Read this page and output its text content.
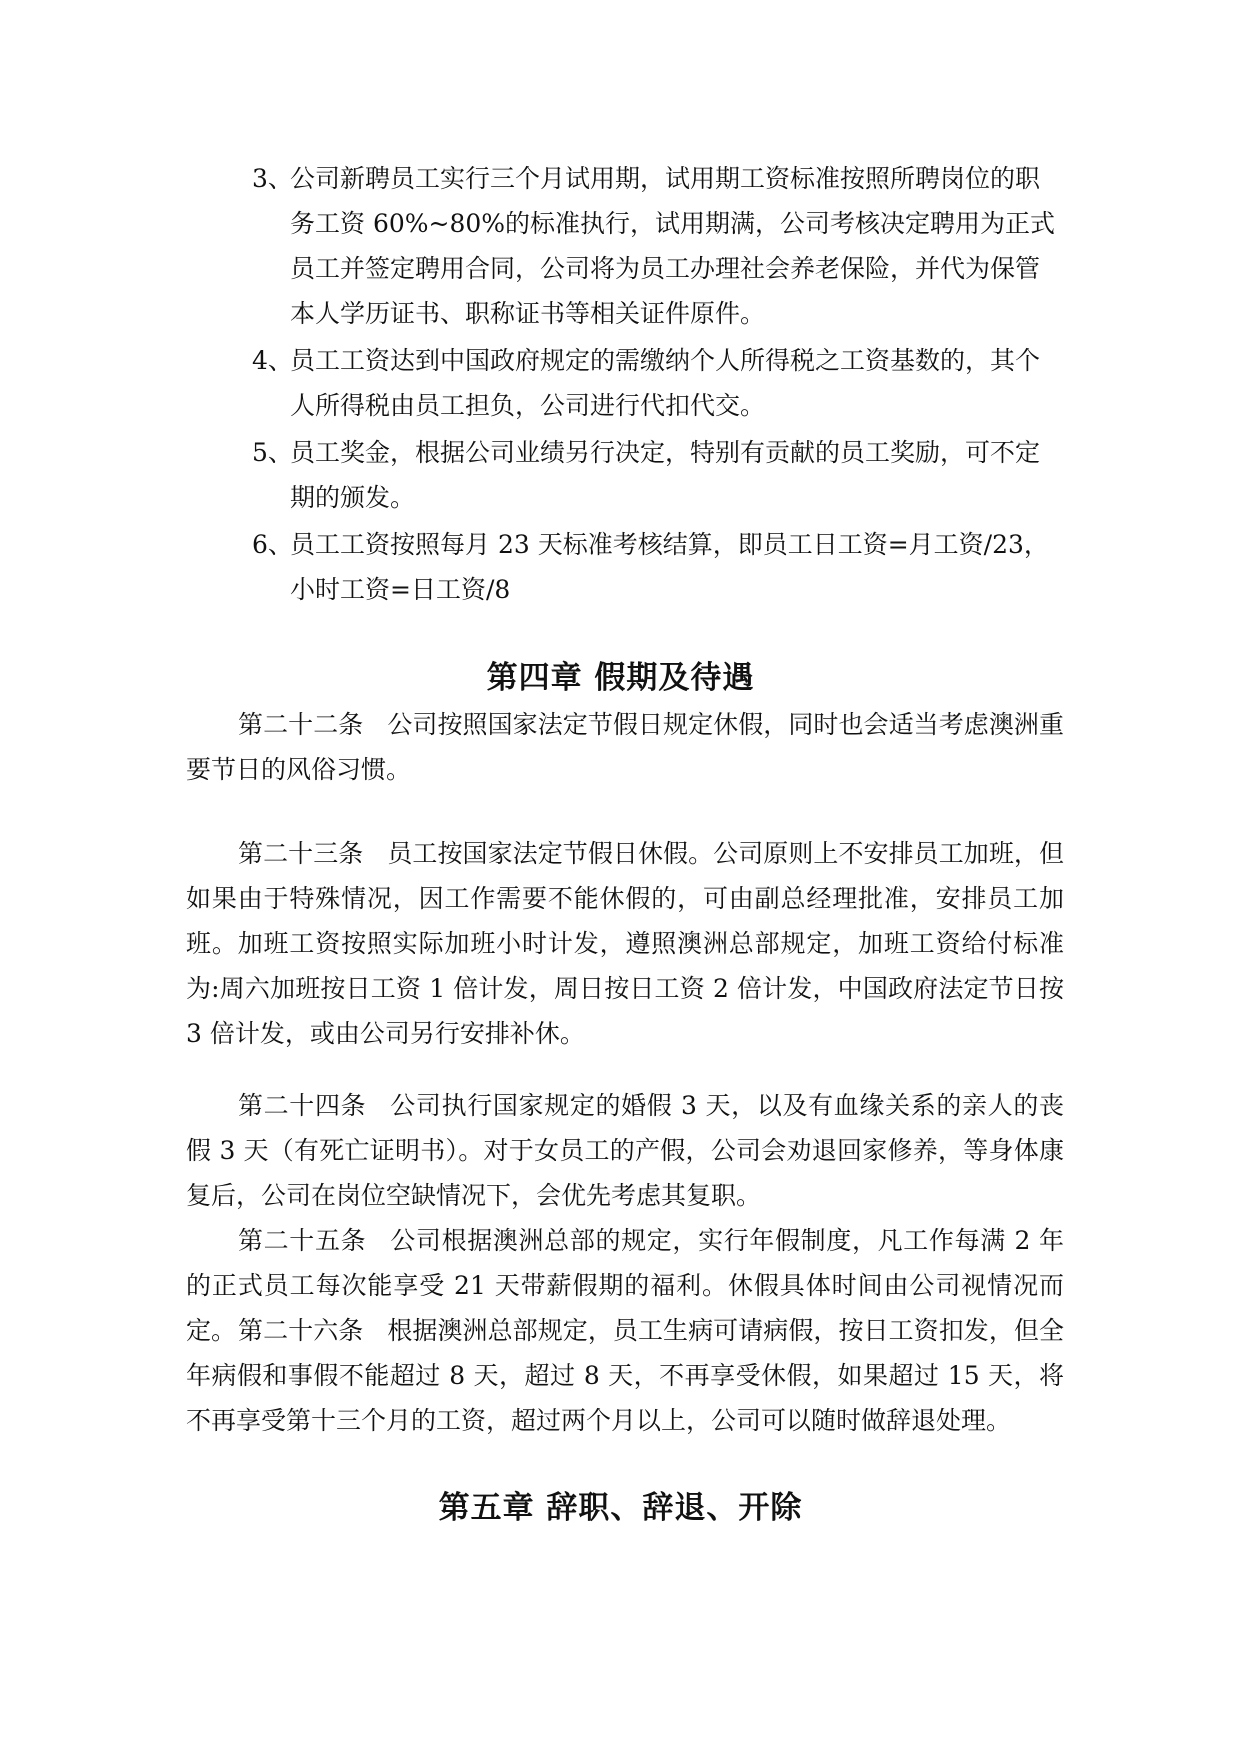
3、公司新聘员工实行三个月试用期，试用期工资标准按照所聘岗位的职务工资 60%~80%的标准执行，试用期满，公司考核决定聘用为正式员工并签定聘用合同，公司将为员工办理社会养老保险，并代为保管本人学历证书、职称证书等相关证件原件。
4、员工工资达到中国政府规定的需缴纳个人所得税之工资基数的，其个人所得税由员工担负，公司进行代扣代交。
5、员工奖金，根据公司业绩另行决定，特别有贡献的员工奖励，可不定期的颁发。
6、员工工资按照每月 23 天标准考核结算，即员工日工资=月工资/23，小时工资=日工资/8
第四章 假期及待遇
第二十二条 公司按照国家法定节假日规定休假，同时也会适当考虑澳洲重要节日的风俗习惯。
第二十三条 员工按国家法定节假日休假。公司原则上不安排员工加班，但如果由于特殊情况，因工作需要不能休假的，可由副总经理批准，安排员工加班。加班工资按照实际加班小时计发，遵照澳洲总部规定，加班工资给付标准为:周六加班按日工资 1 倍计发，周日按日工资 2 倍计发，中国政府法定节日按 3 倍计发，或由公司另行安排补休。
第二十四条 公司执行国家规定的婚假 3 天，以及有血缘关系的亲人的丧假 3 天（有死亡证明书）。对于女员工的产假，公司会劝退回家修养，等身体康复后，公司在岗位空缺情况下，会优先考虑其复职。
第二十五条 公司根据澳洲总部的规定，实行年假制度，凡工作每满 2 年的正式员工每次能享受 21 天带薪假期的福利。休假具体时间由公司视情况而定。 第二十六条 根据澳洲总部规定，员工生病可请病假，按日工资扣发，但全年病假和事假不能超过 8 天，超过 8 天，不再享受休假，如果超过 15 天，将不再享受第十三个月的工资，超过两个月以上，公司可以随时做辞退处理。
第五章 辞职、辞退、开除
